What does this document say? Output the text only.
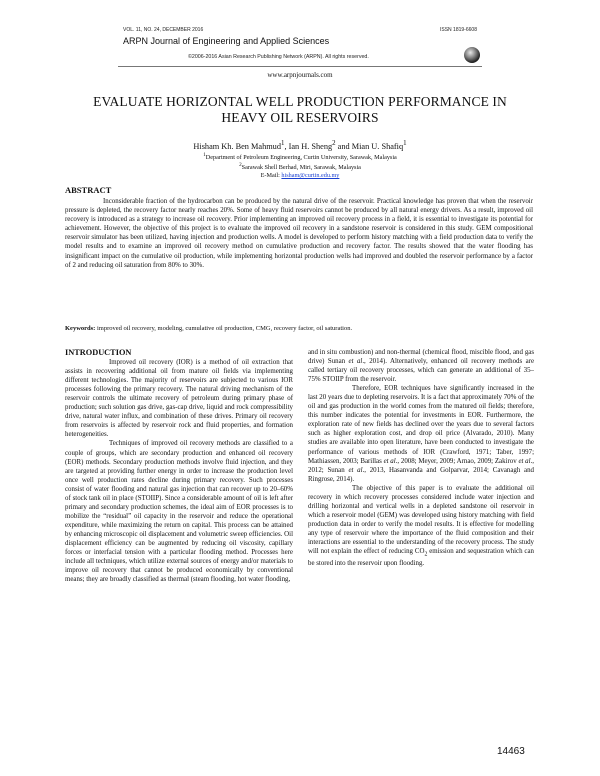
VOL. 11, NO. 24, DECEMBER 2016	ISSN 1819-6608
ARPN Journal of Engineering and Applied Sciences
©2006-2016 Asian Research Publishing Network (ARPN). All rights reserved.
www.arpnjournals.com
EVALUATE HORIZONTAL WELL PRODUCTION PERFORMANCE IN
HEAVY OIL RESERVOIRS
Hisham Kh. Ben Mahmud$^1$, Ian H. Sheng$^2$ and Mian U. Shafiq$^1$
$^1$Department of Petroleum Engineering, Curtin University, Sarawak, Malaysia
$^2$Sarawak Shell Berhad, Miri, Sarawak, Malaysia
E-Mail: hisham@curtin.edu.my
ABSTRACT

Inconsiderable fraction of the hydrocarbon can be produced by the natural drive of the reservoir. Practical knowledge has proven that when the reservoir pressure is depleted, the recovery factor nearly reaches 20%. Some of heavy fluid reservoirs cannot be produced by all natural energy drivers. As a result, improved oil recovery is introduced as a strategy to increase oil recovery. Prior implementing an improved oil recovery process in a field, it is essential to investigate its potential for achievement. However, the objective of this project is to evaluate the improved oil recovery in a sandstone reservoir is considered in this study. GEM compositional reservoir simulator has been utilized, having injection and production wells. A model is developed to perform history matching with a field production data to verify the model results and to examine an improved oil recovery method on cumulative production and recovery factor. The results showed that the water flooding has insignificant impact on the cumulative oil production, while implementing horizontal production wells had improved and doubled the reservoir performance by a factor of 2 and reducing oil saturation from 80% to 30%.

Keywords: improved oil recovery, modeling, cumulative oil production, CMG, recovery factor, oil saturation.
INTRODUCTION

Improved oil recovery (IOR) is a method of oil extraction that assists in recovering additional oil from mature oil fields via implementing different technologies. The majority of reservoirs are subjected to various IOR processes following the primary recovery. The natural driving mechanism of the reservoir controls the ultimate recovery of petroleum during primary phase of production; such solution gas drive, gas-cap drive, liquid and rock compressibility drive, natural water influx, and combination of these drives. Primary oil recovery from reservoirs is affected by reservoir rock and fluid properties, and formation heterogeneities.

Techniques of improved oil recovery methods are classified to a couple of groups, which are secondary production and enhanced oil recovery (EOR) methods. Secondary production methods involve fluid injection, and they are targeted at providing further energy in order to increase the production level once well production rates decline during primary recovery. Such processes consist of water flooding and natural gas injection that can recover up to 20–60% of stock tank oil in place (STOIIP). Since a considerable amount of oil is left after primary and secondary production schemes, the ideal aim of EOR processes is to mobilize the “residual” oil capacity in the reservoir and reduce the operational expenditure, while maximizing the return on capital. This process can be attained by enhancing microscopic oil displacement and volumetric sweep efficiencies. Oil displacement efficiency can be augmented by reducing oil viscosity, capillary forces or interfacial tension with a particular flooding method. Processes here include all techniques, which utilize external sources of energy and/or materials to improve oil recovery that cannot be produced economically by conventional means; they are broadly classified as thermal (steam flooding, hot water flooding,

and in situ combustion) and non-thermal (chemical flood, miscible flood, and gas drive) Sunan et al., 2014). Alternatively, enhanced oil recovery methods are called tertiary oil recovery processes, which can generate an additional of 35–75% STOIIP from the reservoir.

Therefore, EOR techniques have significantly increased in the last 20 years due to depleting reservoirs. It is a fact that approximately 70% of the oil and gas production in the world comes from the matured oil fields; therefore, this number indicates the potential for investments in EOR. Furthermore, the exploration rate of new fields has declined over the years due to several factors such as higher exploration cost, and drop oil price (Alvarado, 2010). Many studies are available into open literature, have been conducted to investigate the performance of various methods of IOR (Crawford, 1971; Taber, 1997; Mathiassen, 2003; Barillas et al., 2008; Meyer, 2009; Arnao, 2009; Zakirov et al., 2012; Sunan et al., 2013, Hasanvanda and Golparvar, 2014; Cavanagh and Ringrose, 2014).

The objective of this paper is to evaluate the additional oil recovery in which recovery processes considered include water injection and drilling horizontal and vertical wells in a depleted sandstone oil reservoir in which a reservoir model (GEM) was developed using history matching with field production data in order to verify the model results. It is effective for modelling any type of reservoir where the importance of the fluid composition and their interactions are essential to the understanding of the recovery process. The study will not explain the effect of reducing $CO_2$ emission and sequestration which can be stored into the reservoir upon flooding.

14463
